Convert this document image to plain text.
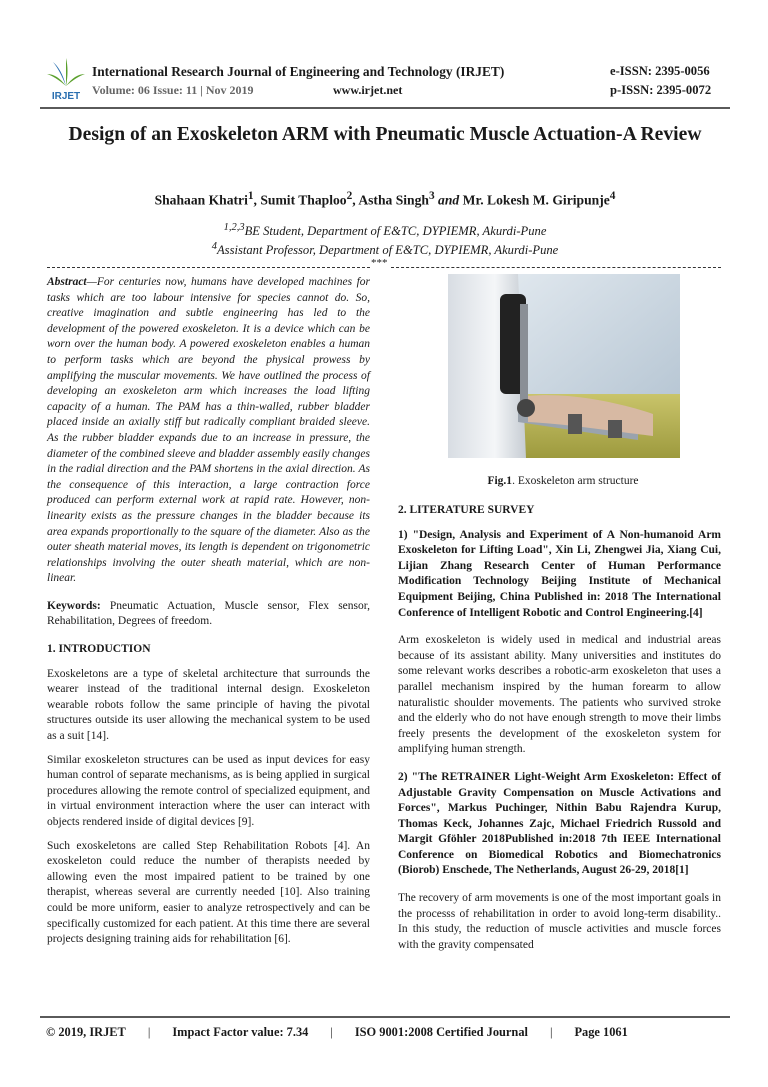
IRJET
International Research Journal of Engineering and Technology (IRJET)
Volume: 06 Issue: 11 | Nov 2019	www.irjet.net
e-ISSN: 2395-0056
p-ISSN: 2395-0072
Design of an Exoskeleton ARM with Pneumatic Muscle Actuation-A Review
Shahaan Khatri$^1$, Sumit Thaploo$^2$, Astha Singh$^3$ and Mr. Lokesh M. Giripunje$^4$
$^{1,2,3}$BE Student, Department of E&TC, DYPIEMR, Akurdi-Pune
$^4$Assistant Professor, Department of E&TC, DYPIEMR, Akurdi-Pune
***

Abstract—For centuries now, humans have developed machines for tasks which are too labour intensive for species cannot do. So, creative imagination and subtle engineering has led to the development of the powered exoskeleton. It is a device which can be worn over the human body. A powered exoskeleton enables a human to perform tasks which are beyond the physical prowess by amplifying the muscular movements. We have outlined the process of developing an exoskeleton arm which increases the load lifting capacity of a human. The PAM has a thin-walled, rubber bladder placed inside an axially stiff but radically compliant braided sleeve. As the rubber bladder expands due to an increase in pressure, the diameter of the combined sleeve and bladder assembly easily changes in the radial direction and the PAM shortens in the axial direction. As the consequence of this interaction, a large contraction force produced can perform external work at rapid rate. However, non-linearity exists as the pressure changes in the bladder because its area expands proportionally to the square of the diameter. Also as the outer sheath material moves, its length is dependent on trigonometric relationships involving the outer sheath material, which are non-linear.

Keywords: Pneumatic Actuation, Muscle sensor, Flex sensor, Rehabilitation, Degrees of freedom.

1. INTRODUCTION

Exoskeletons are a type of skeletal architecture that surrounds the wearer instead of the traditional internal design. Exoskeleton wearable robots follow the same principle of having the pivotal structures outside its user allowing the mechanical system to be used as a suit [14].

Similar exoskeleton structures can be used as input devices for easy human control of separate mechanisms, as is being applied in surgical procedures allowing the remote control of specialized equipment, and in virtual environment interaction where the user can interact with objects rendered inside of digital devices [9].

Such exoskeletons are called Step Rehabilitation Robots [4]. An exoskeleton could reduce the number of therapists needed by allowing even the most impaired patient to be trained by one therapist, whereas several are currently needed [10]. Also training could be more uniform, easier to analyze retrospectively and can be specifically customized for each patient. At this time there are several projects designing training aids for rehabilitation [6].

Fig.1. Exoskeleton arm structure
2. LITERATURE SURVEY

1) "Design, Analysis and Experiment of A Non-humanoid Arm Exoskeleton for Lifting Load", Xin Li, Zhengwei Jia, Xiang Cui, Lijian Zhang Research Center of Human Performance Modification Technology Beijing Institute of Mechanical Equipment Beijing, China Published in: 2018 The International Conference of Intelligent Robotic and Control Engineering.[4]

Arm exoskeleton is widely used in medical and industrial areas because of its assistant ability. Many universities and institutes do some relevant works describes a robotic-arm exoskeleton that uses a parallel mechanism inspired by the human forearm to allow naturalistic shoulder movements. The patients who survived stroke and the elderly who do not have enough strength to move their limbs freely presents the development of the exoskeleton system for amplifying human strength.

2) "The RETRAINER Light-Weight Arm Exoskeleton: Effect of Adjustable Gravity Compensation on Muscle Activations and Forces", Markus Puchinger, Nithin Babu Rajendra Kurup, Thomas Keck, Johannes Zajc, Michael Friedrich Russold and Margit Gföhler 2018Published in:2018 7th IEEE International Conference on Biomedical Robotics and Biomechatronics (Biorob) Enschede, The Netherlands, August 26-29, 2018[1]

The recovery of arm movements is one of the most important goals in the processs of rehabilitation in order to avoid long-term disability.. In this study, the reduction of muscle activities and muscle forces with the gravity compensated

© 2019, IRJET | Impact Factor value: 7.34 | ISO 9001:2008 Certified Journal | Page 1061
